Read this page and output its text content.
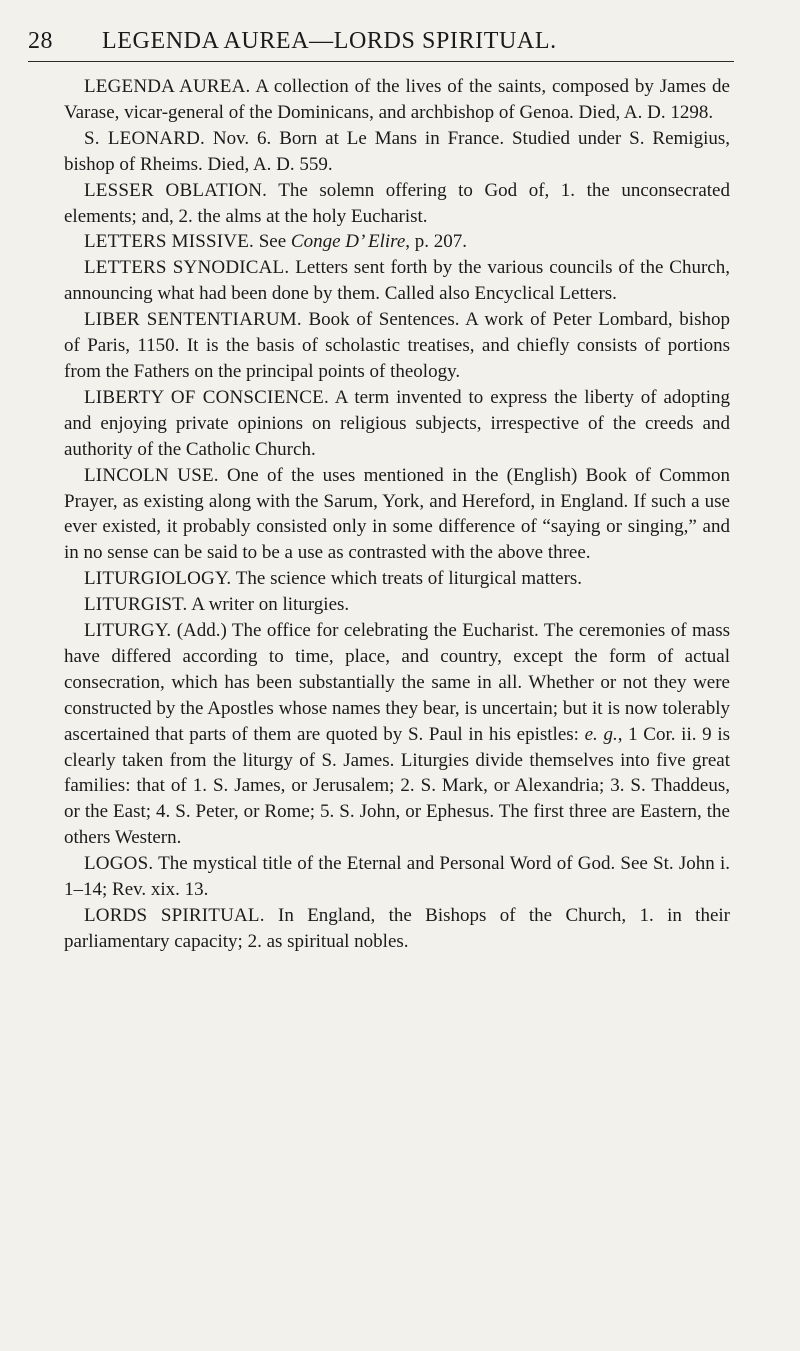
28 LEGENDA AUREA—LORDS SPIRITUAL.

LEGENDA AUREA. A collection of the lives of the saints, composed by James de Varase, vicar-general of the Dominicans, and archbishop of Genoa. Died, A. D. 1298.

S. LEONARD. Nov. 6. Born at Le Mans in France. Studied under S. Remigius, bishop of Rheims. Died, A. D. 559.

LESSER OBLATION. The solemn offering to God of, 1. the unconsecrated elements; and, 2. the alms at the holy Eucharist.

LETTERS MISSIVE. See Conge D’ Elire, p. 207.

LETTERS SYNODICAL. Letters sent forth by the various councils of the Church, announcing what had been done by them. Called also Encyclical Letters.

LIBER SENTENTIARUM. Book of Sentences. A work of Peter Lombard, bishop of Paris, 1150. It is the basis of scholastic treatises, and chiefly consists of portions from the Fathers on the principal points of theology.

LIBERTY OF CONSCIENCE. A term invented to express the liberty of adopting and enjoying private opinions on religious subjects, irrespective of the creeds and authority of the Catholic Church.

LINCOLN USE. One of the uses mentioned in the (English) Book of Common Prayer, as existing along with the Sarum, York, and Hereford, in England. If such a use ever existed, it probably consisted only in some difference of “saying or singing,” and in no sense can be said to be a use as contrasted with the above three.

LITURGIOLOGY. The science which treats of liturgical matters.

LITURGIST. A writer on liturgies.

LITURGY. (Add.) The office for celebrating the Eucharist. The ceremonies of mass have differed according to time, place, and country, except the form of actual consecration, which has been substantially the same in all. Whether or not they were constructed by the Apostles whose names they bear, is uncertain; but it is now tolerably ascertained that parts of them are quoted by S. Paul in his epistles: e. g., 1 Cor. ii. 9 is clearly taken from the liturgy of S. James. Liturgies divide themselves into five great families: that of 1. S. James, or Jerusalem; 2. S. Mark, or Alexandria; 3. S. Thaddeus, or the East; 4. S. Peter, or Rome; 5. S. John, or Ephesus. The first three are Eastern, the others Western.

LOGOS. The mystical title of the Eternal and Personal Word of God. See St. John i. 1–14; Rev. xix. 13.

LORDS SPIRITUAL. In England, the Bishops of the Church, 1. in their parliamentary capacity; 2. as spiritual nobles.
